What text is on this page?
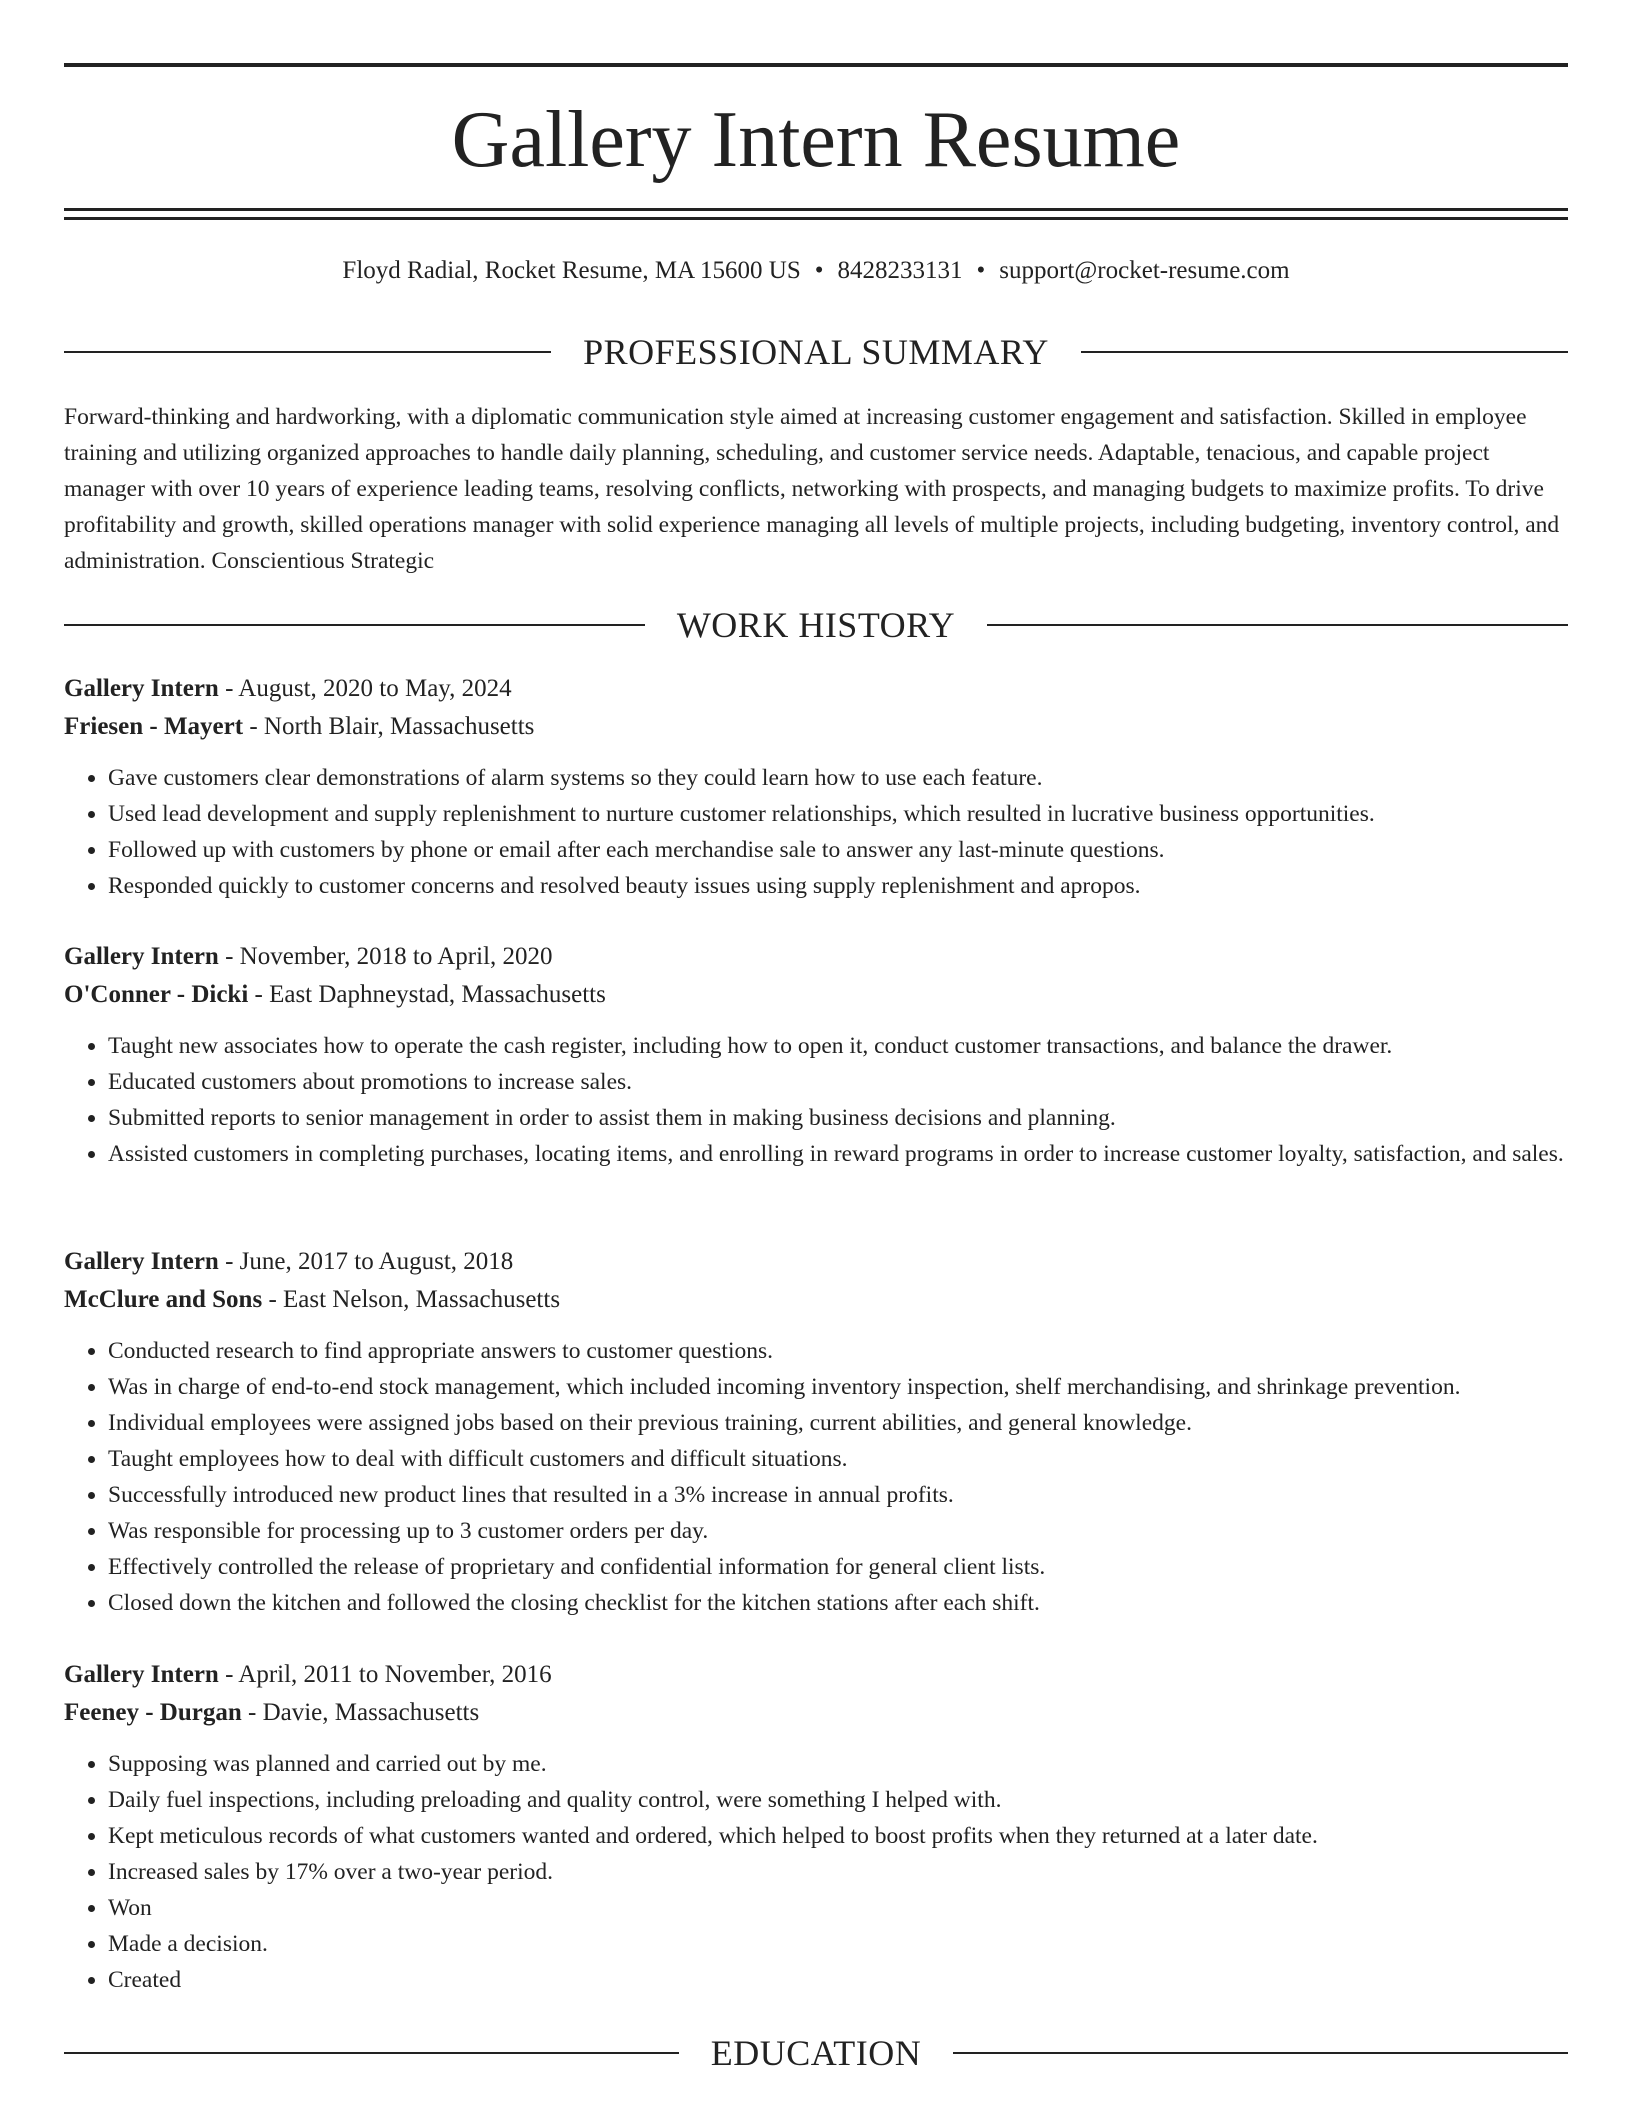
Gallery Intern Resume
Floyd Radial, Rocket Resume, MA 15600 US • 8428233131 • support@rocket-resume.com
PROFESSIONAL SUMMARY

Forward-thinking and hardworking, with a diplomatic communication style aimed at increasing customer engagement and satisfaction. Skilled in employee training and utilizing organized approaches to handle daily planning, scheduling, and customer service needs. Adaptable, tenacious, and capable project manager with over 10 years of experience leading teams, resolving conflicts, networking with prospects, and managing budgets to maximize profits. To drive profitability and growth, skilled operations manager with solid experience managing all levels of multiple projects, including budgeting, inventory control, and administration. Conscientious Strategic

WORK HISTORY

Gallery Intern - August, 2020 to May, 2024

Friesen - Mayert - North Blair, Massachusetts

• Gave customers clear demonstrations of alarm systems so they could learn how to use each feature.
• Used lead development and supply replenishment to nurture customer relationships, which resulted in lucrative business opportunities.
• Followed up with customers by phone or email after each merchandise sale to answer any last-minute questions.
• Responded quickly to customer concerns and resolved beauty issues using supply replenishment and apropos.

Gallery Intern - November, 2018 to April, 2020

O'Conner - Dicki - East Daphneystad, Massachusetts

• Taught new associates how to operate the cash register, including how to open it, conduct customer transactions, and balance the drawer.
• Educated customers about promotions to increase sales.
• Submitted reports to senior management in order to assist them in making business decisions and planning.
• Assisted customers in completing purchases, locating items, and enrolling in reward programs in order to increase customer loyalty, satisfaction, and sales.

Gallery Intern - June, 2017 to August, 2018

McClure and Sons - East Nelson, Massachusetts

• Conducted research to find appropriate answers to customer questions.
• Was in charge of end-to-end stock management, which included incoming inventory inspection, shelf merchandising, and shrinkage prevention.
• Individual employees were assigned jobs based on their previous training, current abilities, and general knowledge.
• Taught employees how to deal with difficult customers and difficult situations.
• Successfully introduced new product lines that resulted in a 3% increase in annual profits.
• Was responsible for processing up to 3 customer orders per day.
• Effectively controlled the release of proprietary and confidential information for general client lists.
• Closed down the kitchen and followed the closing checklist for the kitchen stations after each shift.

Gallery Intern - April, 2011 to November, 2016

Feeney - Durgan - Davie, Massachusetts

• Supposing was planned and carried out by me.
• Daily fuel inspections, including preloading and quality control, were something I helped with.
• Kept meticulous records of what customers wanted and ordered, which helped to boost profits when they returned at a later date.
• Increased sales by 17% over a two-year period.
• Won
• Made a decision.
• Created
EDUCATION
